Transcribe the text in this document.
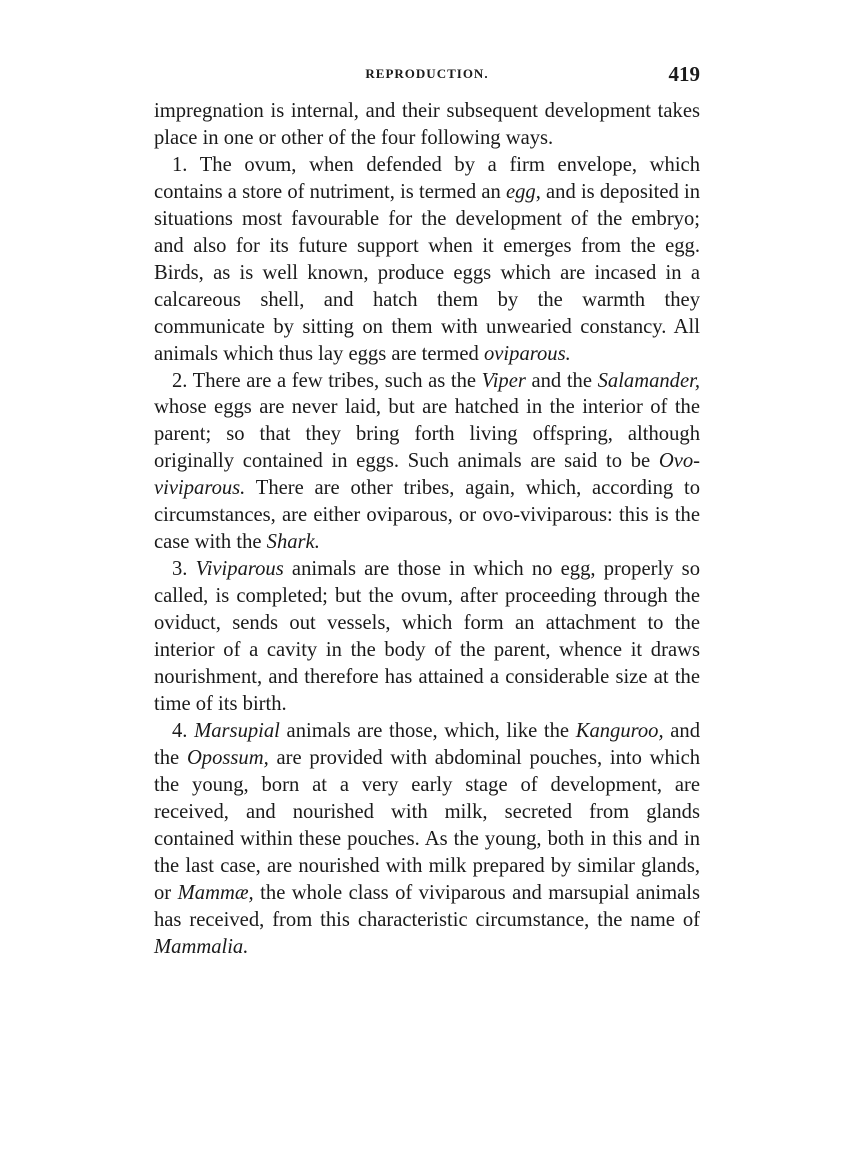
REPRODUCTION.	419

impregnation is internal, and their subsequent development takes place in one or other of the four following ways.

1. The ovum, when defended by a firm envelope, which contains a store of nutriment, is termed an egg, and is deposited in situations most favourable for the development of the embryo; and also for its future support when it emerges from the egg. Birds, as is well known, produce eggs which are incased in a calcareous shell, and hatch them by the warmth they communicate by sitting on them with unwearied constancy. All animals which thus lay eggs are termed oviparous.

2. There are a few tribes, such as the Viper and the Salamander, whose eggs are never laid, but are hatched in the interior of the parent; so that they bring forth living offspring, although originally contained in eggs. Such animals are said to be Ovo-viviparous. There are other tribes, again, which, according to circumstances, are either oviparous, or ovo-viviparous: this is the case with the Shark.

3. Viviparous animals are those in which no egg, properly so called, is completed; but the ovum, after proceeding through the oviduct, sends out vessels, which form an attachment to the interior of a cavity in the body of the parent, whence it draws nourishment, and therefore has attained a considerable size at the time of its birth.

4. Marsupial animals are those, which, like the Kanguroo, and the Opossum, are provided with abdominal pouches, into which the young, born at a very early stage of development, are received, and nourished with milk, secreted from glands contained within these pouches. As the young, both in this and in the last case, are nourished with milk prepared by similar glands, or Mammæ, the whole class of viviparous and marsupial animals has received, from this characteristic circumstance, the name of Mammalia.
